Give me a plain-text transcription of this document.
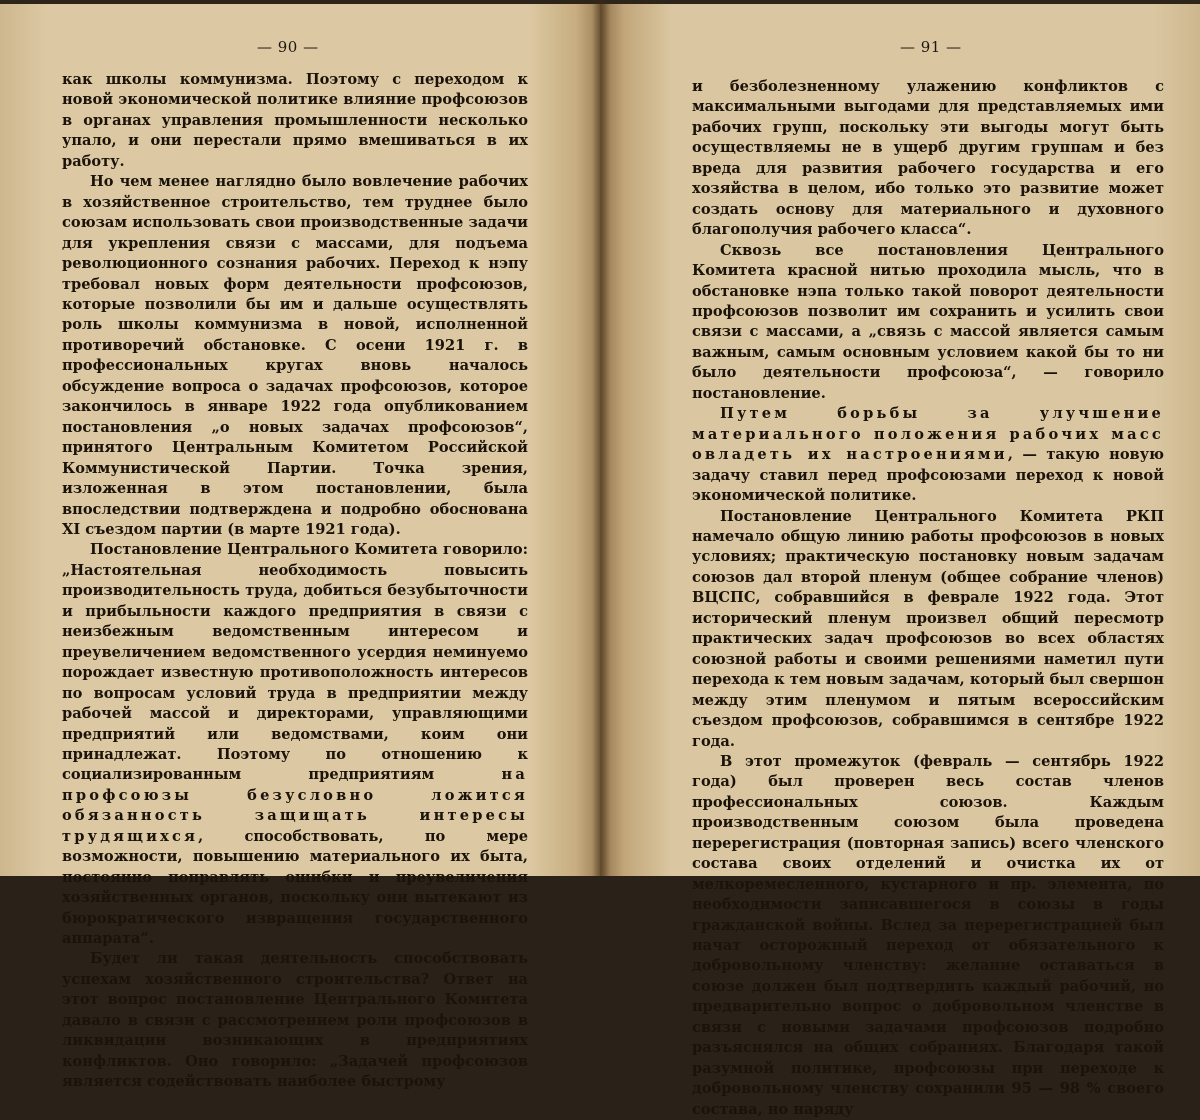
— 90 —

как школы коммунизма. Поэтому с переходом к новой экономической политике влияние профсоюзов в органах управления промышленности несколько упало, и они перестали прямо вмешиваться в их работу.

Но чем менее наглядно было вовлечение рабочих в хозяйственное строительство, тем труднее было союзам использовать свои производственные задачи для укрепления связи с массами, для подъема революционного сознания рабочих. Переход к нэпу требовал новых форм деятельности профсоюзов, которые позволили бы им и дальше осуществлять роль школы коммунизма в новой, исполненной противоречий обстановке. С осени 1921 г. в профессиональных кругах вновь началось обсуждение вопроса о задачах профсоюзов, которое закончилось в январе 1922 года опубликованием постановления „о новых задачах профсоюзов“, принятого Центральным Комитетом Российской Коммунистической Партии. Точка зрения, изложенная в этом постановлении, была впоследствии подтверждена и подробно обоснована XI съездом партии (в марте 1921 года).

Постановление Центрального Комитета говорило: „Настоятельная необходимость повысить производительность труда, добиться безубыточности и прибыльности каждого предприятия в связи с неизбежным ведомственным интересом и преувеличением ведомственного усердия неминуемо порождает известную противоположность интересов по вопросам условий труда в предприятии между рабочей массой и директорами, управляющими предприятий или ведомствами, коим они принадлежат. Поэтому по отношению к социализированным предприятиям на профсоюзы безусловно ложится обязанность защищать интересы трудящихся, способствовать, по мере возможности, повышению материального их быта, постоянно поправлять ошибки и преувеличения хозяйственных органов, поскольку они вытекают из бюрократического извращения государственного аппарата“.

Будет ли такая деятельность способствовать успехам хозяйственного строительства? Ответ на этот вопрос постановление Центрального Комитета давало в связи с рассмотрением роли профсоюзов в ликвидации возникающих в предприятиях конфликтов. Оно говорило: „Задачей профсоюзов является содействовать наиболее быстрому

— 91 —

и безболезненному улажению конфликтов с максимальными выгодами для представляемых ими рабочих групп, поскольку эти выгоды могут быть осуществляемы не в ущерб другим группам и без вреда для развития рабочего государства и его хозяйства в целом, ибо только это развитие может создать основу для материального и духовного благополучия рабочего класса“.

Сквозь все постановления Центрального Комитета красной нитью проходила мысль, что в обстановке нэпа только такой поворот деятельности профсоюзов позволит им сохранить и усилить свои связи с массами, а „связь с массой является самым важным, самым основным условием какой бы то ни было деятельности профсоюза“, — говорило постановление.

Путем борьбы за улучшение материального положения рабочих масс овладеть их настроениями, — такую новую задачу ставил перед профсоюзами переход к новой экономической политике.

Постановление Центрального Комитета РКП намечало общую линию работы профсоюзов в новых условиях; практическую постановку новым задачам союзов дал второй пленум (общее собрание членов) ВЦСПС, собравшийся в феврале 1922 года. Этот исторический пленум произвел общий пересмотр практических задач профсоюзов во всех областях союзной работы и своими решениями наметил пути перехода к тем новым задачам, который был свершон между этим пленумом и пятым всероссийским съездом профсоюзов, собравшимся в сентябре 1922 года.

В этот промежуток (февраль — сентябрь 1922 года) был проверен весь состав членов профессиональных союзов. Каждым производственным союзом была проведена перерегистрация (повторная запись) всего членского состава своих отделений и очистка их от мелкоремесленного, кустарного и пр. элемента, по необходимости записавшегося в союзы в годы гражданской войны. Вслед за перерегистрацией был начат осторожный переход от обязательного к добровольному членству: желание оставаться в союзе должен был подтвердить каждый рабочий, но предварительно вопрос о добровольном членстве в связи с новыми задачами профсоюзов подробно разъяснялся на общих собраниях. Благодаря такой разумной политике, профсоюзы при переходе к добровольному членству сохранили 95 — 98 % своего состава, но наряду
